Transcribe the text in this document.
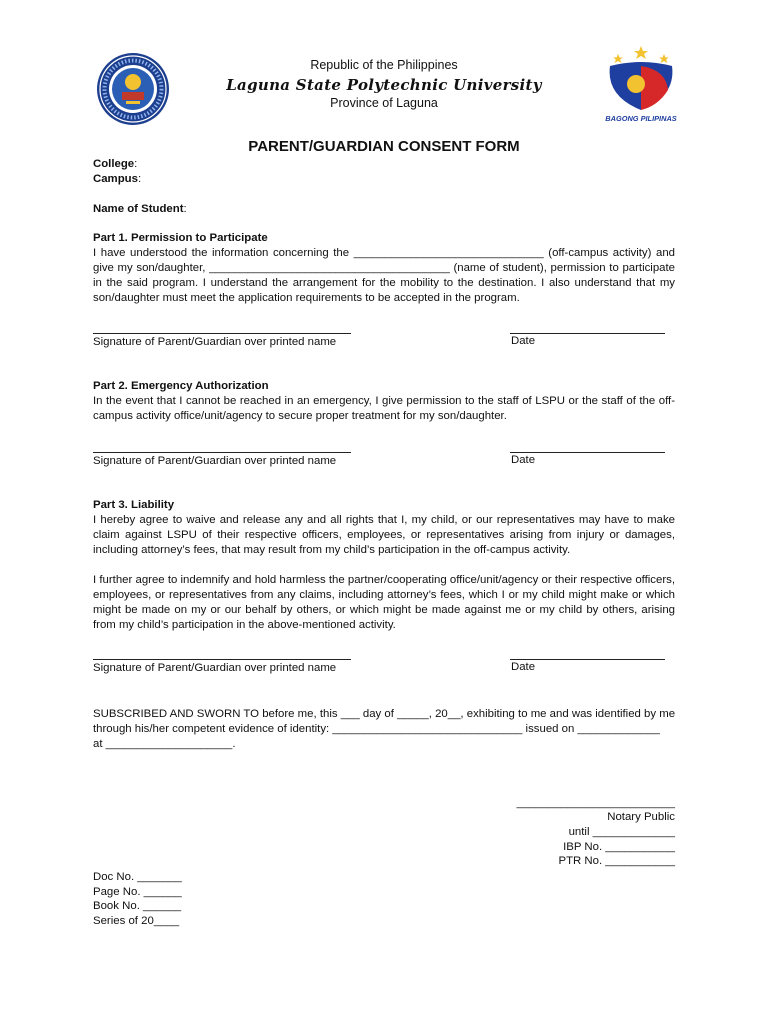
BAGONG PILIPINAS
Republic of the Philippines
Laguna State Polytechnic University
Province of Laguna
PARENT/GUARDIAN CONSENT FORM
College:
Campus:
Name of Student:
Part 1. Permission to Participate
I have understood the information concerning the ______________________________ (off-campus activity) and give my son/daughter, ______________________________________ (name of student), permission to participate in the said program. I understand the arrangement for the mobility to the destination. I also understand that my son/daughter must meet the application requirements to be accepted in the program.
Signature of Parent/Guardian over printed name	Date
Part 2. Emergency Authorization
In the event that I cannot be reached in an emergency, I give permission to the staff of LSPU or the staff of the off-campus activity office/unit/agency to secure proper treatment for my son/daughter.
Signature of Parent/Guardian over printed name	Date
Part 3. Liability
I hereby agree to waive and release any and all rights that I, my child, or our representatives may have to make claim against LSPU of their respective officers, employees, or representatives arising from injury or damages, including attorney’s fees, that may result from my child’s participation in the off-campus activity.
I further agree to indemnify and hold harmless the partner/cooperating office/unit/agency or their respective officers, employees, or representatives from any claims, including attorney’s fees, which I or my child might make or which might be made on my or our behalf by others, or which might be made against me or my child by others, arising from my child’s participation in the above-mentioned activity.
Signature of Parent/Guardian over printed name	Date
SUBSCRIBED AND SWORN TO before me, this ___ day of _____, 20__, exhibiting to me and was identified by me
through his/her competent evidence of identity: ______________________________ issued on _____________
at ____________________.
_________________________
Notary Public
until _____________
IBP No. ___________
PTR No. ___________
Doc No. _______
Page No. ______
Book No. ______
Series of 20____
